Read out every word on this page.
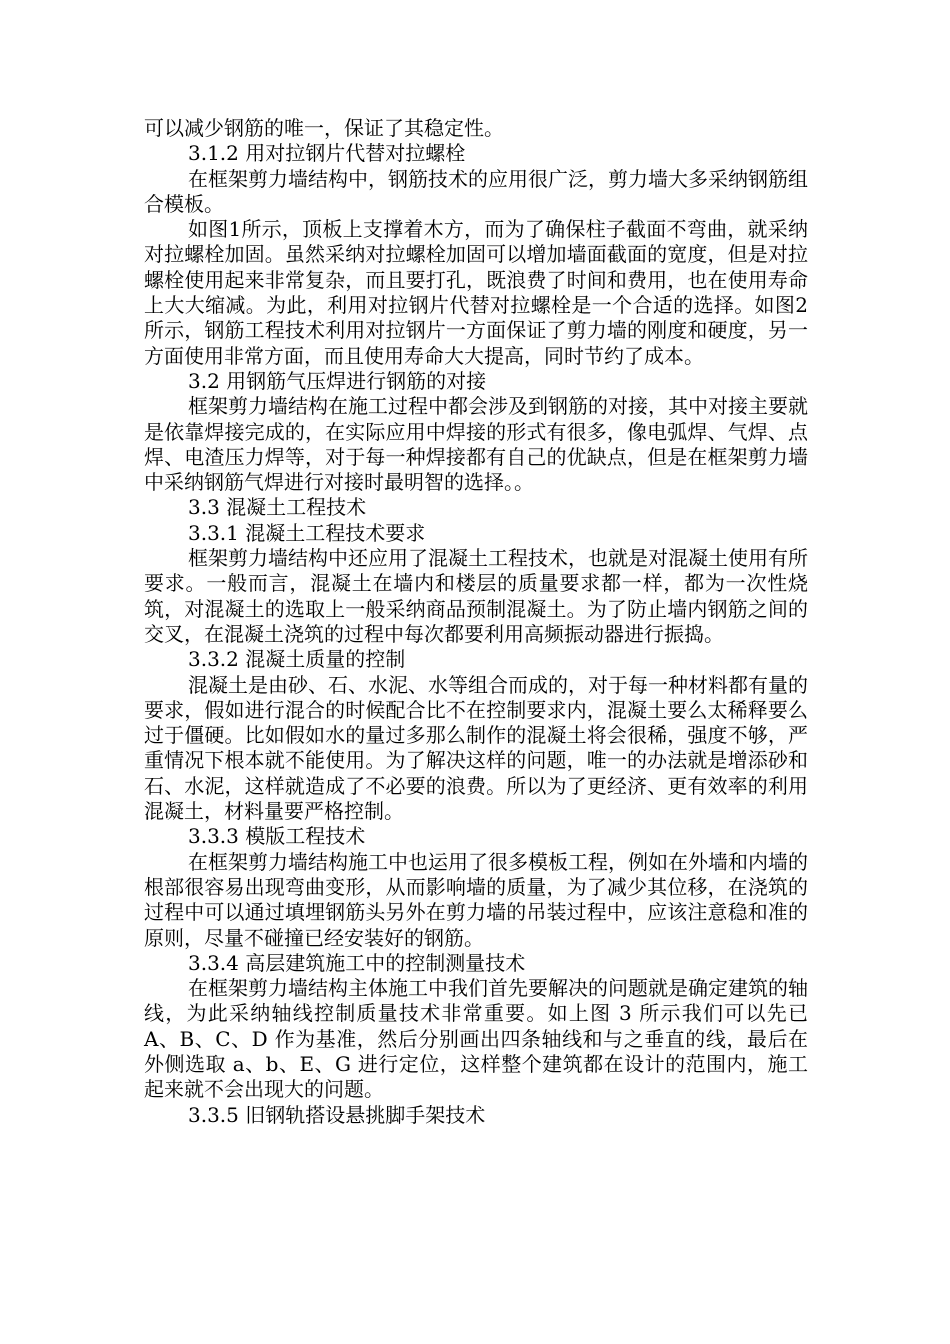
可以减少钢筋的唯一，保证了其稳定性。

3.1.2 用对拉钢片代替对拉螺栓

在框架剪力墙结构中，钢筋技术的应用很广泛，剪力墙大多采纳钢筋组合模板。

如图1所示，顶板上支撑着木方，而为了确保柱子截面不弯曲，就采纳对拉螺栓加固。虽然采纳对拉螺栓加固可以增加墙面截面的宽度，但是对拉螺栓使用起来非常复杂，而且要打孔，既浪费了时间和费用，也在使用寿命上大大缩减。为此，利用对拉钢片代替对拉螺栓是一个合适的选择。如图2 所示，钢筋工程技术利用对拉钢片一方面保证了剪力墙的刚度和硬度，另一方面使用非常方面，而且使用寿命大大提高，同时节约了成本。

3.2 用钢筋气压焊进行钢筋的对接

框架剪力墙结构在施工过程中都会涉及到钢筋的对接，其中对接主要就是依靠焊接完成的，在实际应用中焊接的形式有很多，像电弧焊、气焊、点焊、电渣压力焊等，对于每一种焊接都有自己的优缺点，但是在框架剪力墙中采纳钢筋气焊进行对接时最明智的选择。。

3.3 混凝土工程技术

3.3.1 混凝土工程技术要求

框架剪力墙结构中还应用了混凝土工程技术，也就是对混凝土使用有所要求。一般而言，混凝土在墙内和楼层的质量要求都一样，都为一次性烧筑，对混凝土的选取上一般采纳商品预制混凝土。为了防止墙内钢筋之间的交叉，在混凝土浇筑的过程中每次都要利用高频振动器进行振捣。

3.3.2 混凝土质量的控制

混凝土是由砂、石、水泥、水等组合而成的，对于每一种材料都有量的要求，假如进行混合的时候配合比不在控制要求内，混凝土要么太稀释要么过于僵硬。比如假如水的量过多那么制作的混凝土将会很稀，强度不够，严重情况下根本就不能使用。为了解决这样的问题，唯一的办法就是增添砂和石、水泥，这样就造成了不必要的浪费。所以为了更经济、更有效率的利用混凝土，材料量要严格控制。

3.3.3 模版工程技术

在框架剪力墙结构施工中也运用了很多模板工程，例如在外墙和内墙的根部很容易出现弯曲变形，从而影响墙的质量，为了减少其位移，在浇筑的过程中可以通过填埋钢筋头另外在剪力墙的吊装过程中，应该注意稳和准的原则，尽量不碰撞已经安装好的钢筋。

3.3.4 高层建筑施工中的控制测量技术

在框架剪力墙结构主体施工中我们首先要解决的问题就是确定建筑的轴线，为此采纳轴线控制质量技术非常重要。如上图 3 所示我们可以先已 A、B、C、D 作为基准，然后分别画出四条轴线和与之垂直的线，最后在外侧选取 a、b、E、G 进行定位，这样整个建筑都在设计的范围内，施工起来就不会出现大的问题。

3.3.5 旧钢轨搭设悬挑脚手架技术
